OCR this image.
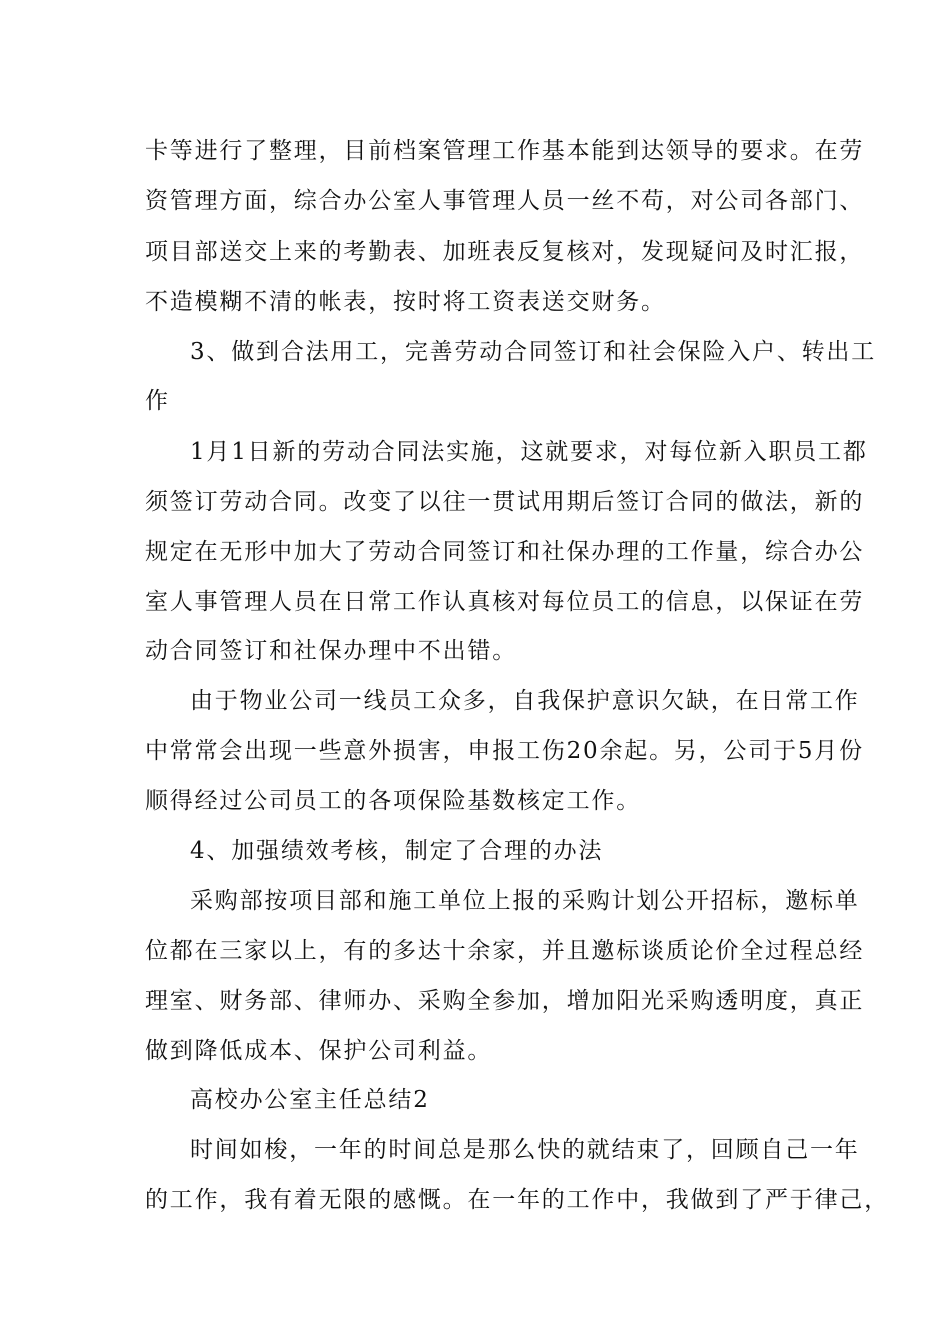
卡等进行了整理，目前档案管理工作基本能到达领导的要求。在劳
资管理方面，综合办公室人事管理人员一丝不苟，对公司各部门、
项目部送交上来的考勤表、加班表反复核对，发现疑问及时汇报，
不造模糊不清的帐表，按时将工资表送交财务。
3、做到合法用工，完善劳动合同签订和社会保险入户、转出工
作
1月1日新的劳动合同法实施，这就要求，对每位新入职员工都
须签订劳动合同。改变了以往一贯试用期后签订合同的做法，新的
规定在无形中加大了劳动合同签订和社保办理的工作量，综合办公
室人事管理人员在日常工作认真核对每位员工的信息，以保证在劳
动合同签订和社保办理中不出错。
由于物业公司一线员工众多，自我保护意识欠缺，在日常工作
中常常会出现一些意外损害，申报工伤20余起。另，公司于5月份
顺得经过公司员工的各项保险基数核定工作。
4、加强绩效考核，制定了合理的办法
采购部按项目部和施工单位上报的采购计划公开招标，邀标单
位都在三家以上，有的多达十余家，并且邀标谈质论价全过程总经
理室、财务部、律师办、采购全参加，增加阳光采购透明度，真正
做到降低成本、保护公司利益。
高校办公室主任总结2
时间如梭，一年的时间总是那么快的就结束了，回顾自己一年
的工作，我有着无限的感慨。在一年的工作中，我做到了严于律己，
